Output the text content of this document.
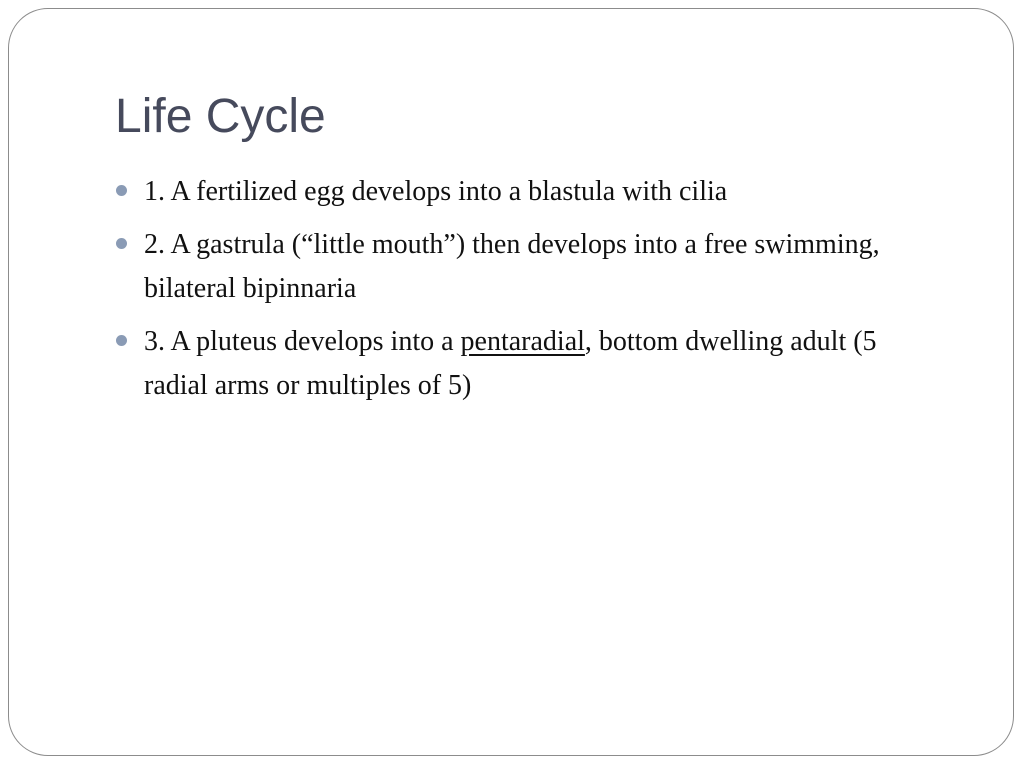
Life Cycle
1. A fertilized egg develops into a blastula with cilia
2. A gastrula (“little mouth”) then develops into a free swimming, bilateral bipinnaria
3. A pluteus develops into a pentaradial, bottom dwelling adult (5 radial arms or multiples of 5)
